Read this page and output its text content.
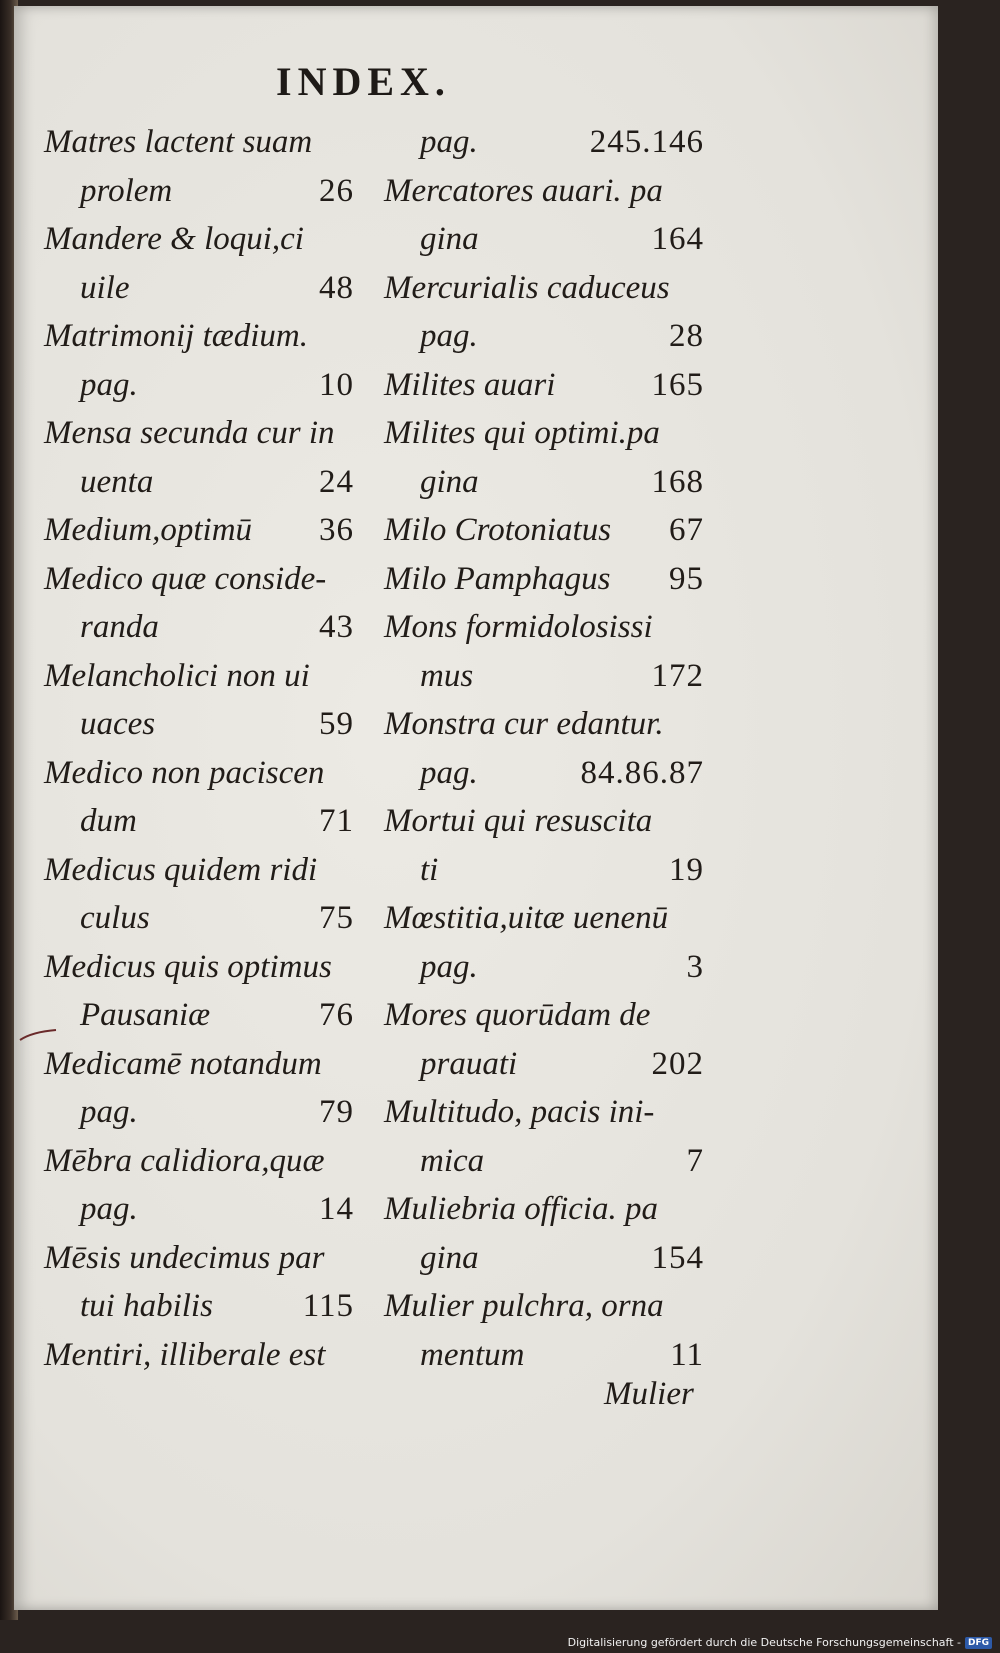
INDEX.
Matres lactent suam
prolem	26
Mandere & loqui,ci
uile	48
Matrimonij tædium.
pag.	10
Mensa secunda cur in
uenta	24
Medium,optimū 36
Medico quæ conside-
randa	43
Melancholici non ui
uaces	59
Medico non paciscen
dum	71
Medicus quidem ridi
culus	75
Medicus quis optimus
Pausaniæ	76
Medicamē notandum
pag.	79
Mēbra calidiora,quæ
pag.	14
Mēsis undecimus par
tui habilis	115
Mentiri, illiberale est
pag.	245.146
Mercatores auari. pa
gina	164
Mercurialis caduceus
pag.	28
Milites auari	165
Milites qui optimi.pa
gina	168
Milo Crotoniatus 67
Milo Pamphagus 95
Mons formidolosissi
mus	172
Monstra cur edantur.
pag.	84.86.87
Mortui qui resuscita
ti	19
Mœstitia,uitæ uenenū
pag.	3
Mores quorūdam de
prauati	202
Multitudo, pacis ini-
mica	7
Muliebria officia. pa
gina	154
Mulier pulchra, orna
mentum	11
Mulier
Digitalisierung gefördert durch die Deutsche Forschungsgemeinschaft - DFG
